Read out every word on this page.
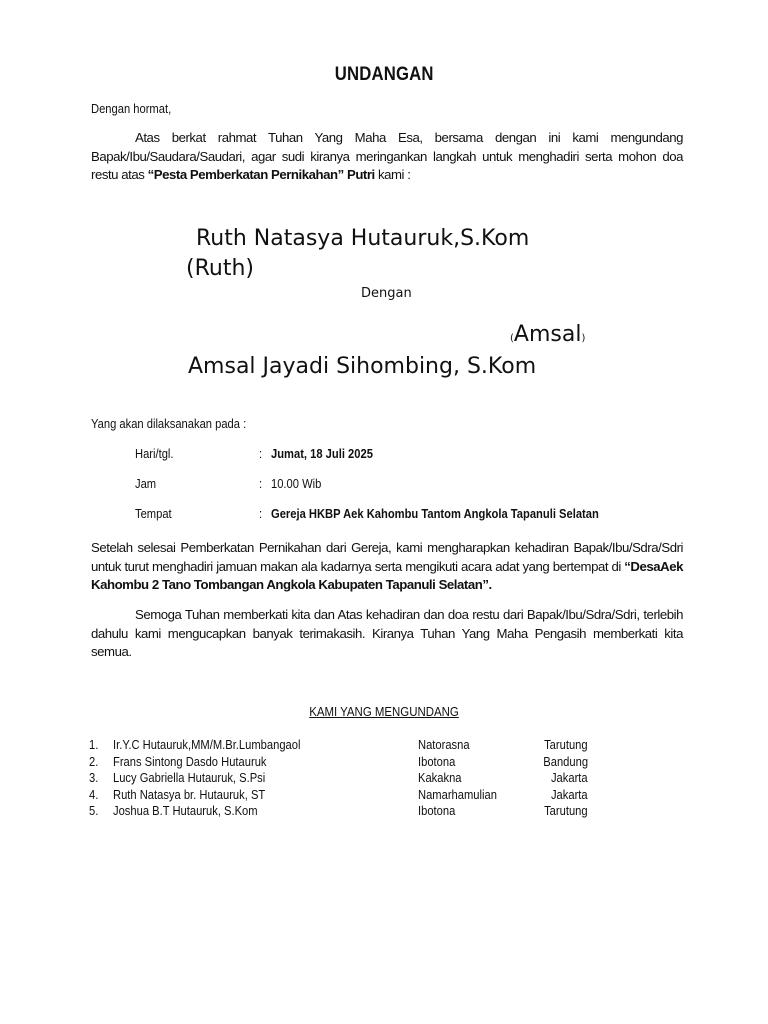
UNDANGAN
Dengan hormat,
Atas berkat rahmat Tuhan Yang Maha Esa, bersama dengan ini kami mengundang Bapak/Ibu/Saudara/Saudari, agar sudi kiranya meringankan langkah untuk menghadiri serta mohon doa restu atas “Pesta Pemberkatan Pernikahan” Putri kami :
Ruth Natasya Hutauruk,S.Kom
(Ruth)
Dengan
(Amsal)
Amsal Jayadi Sihombing, S.Kom
Yang akan dilaksanakan pada :
Hari/tgl.	: Jumat, 18 Juli 2025
Jam	: 10.00 Wib
Tempat	: Gereja HKBP Aek Kahombu Tantom Angkola Tapanuli Selatan
Setelah selesai Pemberkatan Pernikahan dari Gereja, kami mengharapkan kehadiran Bapak/Ibu/Sdra/Sdri untuk turut menghadiri jamuan makan ala kadarnya serta mengikuti acara adat yang bertempat di “DesaAek Kahombu 2 Tano Tombangan Angkola Kabupaten Tapanuli Selatan”.
Semoga Tuhan memberkati kita dan Atas kehadiran dan doa restu dari Bapak/Ibu/Sdra/Sdri, terlebih dahulu kami mengucapkan banyak terimakasih. Kiranya Tuhan Yang Maha Pengasih memberkati kita semua.
KAMI YANG MENGUNDANG
1. Ir.Y.C Hutauruk,MM/M.Br.Lumbangaol	Natorasna	Tarutung
2. Frans Sintong Dasdo Hutauruk	Ibotona	Bandung
3. Lucy Gabriella Hutauruk, S.Psi	Kakakna	Jakarta
4. Ruth Natasya br. Hutauruk, ST	Namarhamulian	Jakarta
5. Joshua B.T Hutauruk, S.Kom	Ibotona	Tarutung
